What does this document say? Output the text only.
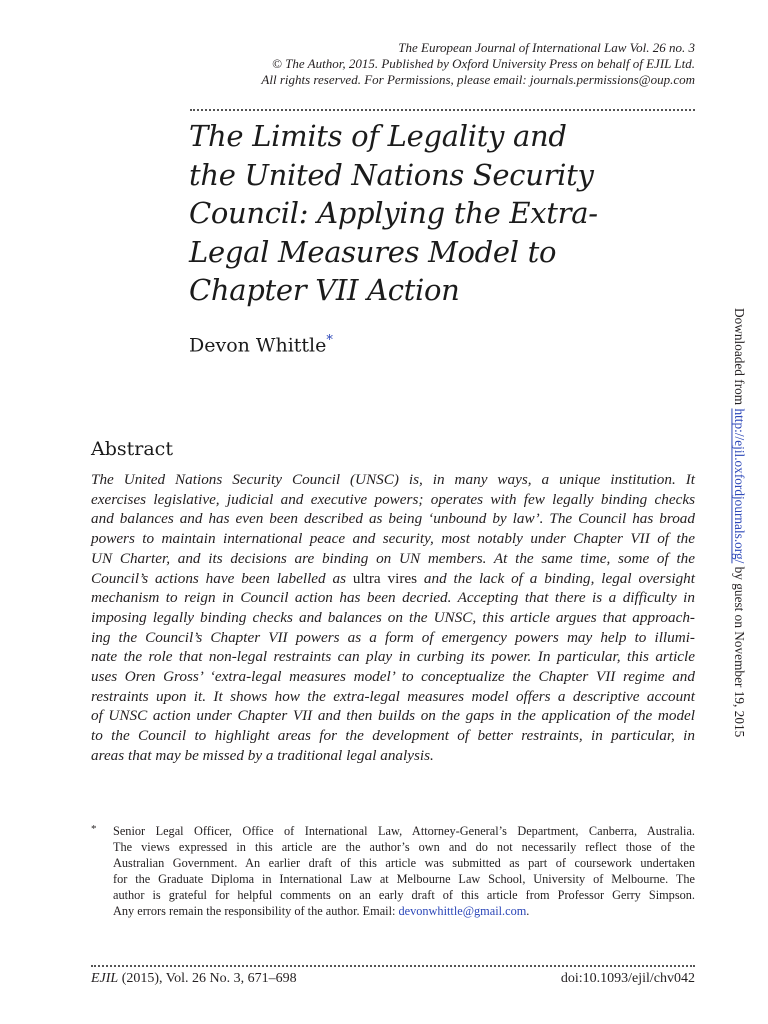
The European Journal of International Law Vol. 26 no. 3
© The Author, 2015. Published by Oxford University Press on behalf of EJIL Ltd.
All rights reserved. For Permissions, please email: journals.permissions@oup.com
The Limits of Legality and
the United Nations Security
Council: Applying the Extra-
Legal Measures Model to
Chapter VII Action
Devon Whittle*
Abstract
The United Nations Security Council (UNSC) is, in many ways, a unique institution. It
exercises legislative, judicial and executive powers; operates with few legally binding checks
and balances and has even been described as being ‘unbound by law’. The Council has broad
powers to maintain international peace and security, most notably under Chapter VII of the
UN Charter, and its decisions are binding on UN members. At the same time, some of the
Council’s actions have been labelled as ultra vires and the lack of a binding, legal oversight
mechanism to reign in Council action has been decried. Accepting that there is a difficulty in
imposing legally binding checks and balances on the UNSC, this article argues that approach-
ing the Council’s Chapter VII powers as a form of emergency powers may help to illumi-
nate the role that non-legal restraints can play in curbing its power. In particular, this article
uses Oren Gross’ ‘extra-legal measures model’ to conceptualize the Chapter VII regime and
restraints upon it. It shows how the extra-legal measures model offers a descriptive account
of UNSC action under Chapter VII and then builds on the gaps in the application of the model
to the Council to highlight areas for the development of better restraints, in particular, in
areas that may be missed by a traditional legal analysis.
* Senior Legal Officer, Office of International Law, Attorney-General’s Department, Canberra, Australia.
The views expressed in this article are the author’s own and do not necessarily reflect those of the
Australian Government. An earlier draft of this article was submitted as part of coursework undertaken
for the Graduate Diploma in International Law at Melbourne Law School, University of Melbourne. The
author is grateful for helpful comments on an early draft of this article from Professor Gerry Simpson.
Any errors remain the responsibility of the author. Email: devonwhittle@gmail.com.
EJIL (2015), Vol. 26 No. 3, 671–698	doi:10.1093/ejil/chv042
Downloaded from http://ejil.oxfordjournals.org/ by guest on November 19, 2015
